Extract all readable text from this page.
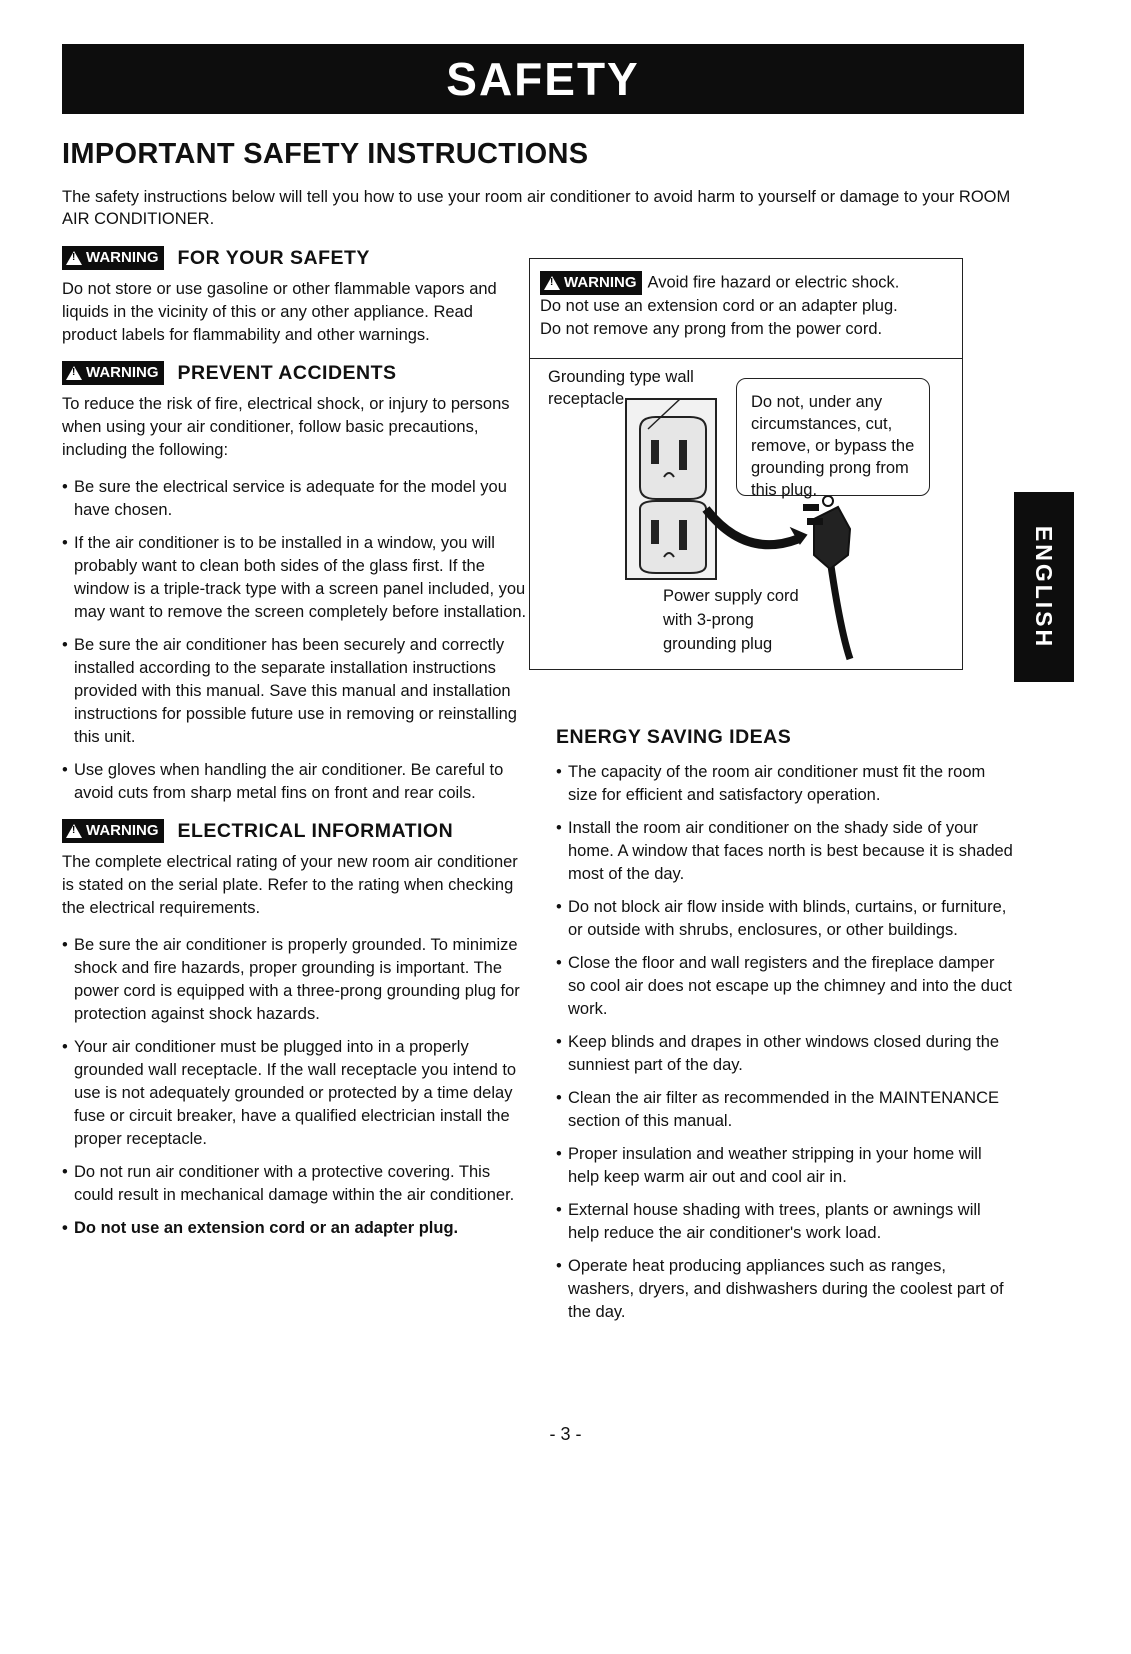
SAFETY
IMPORTANT SAFETY INSTRUCTIONS
The safety instructions below will tell you how to use your room air conditioner to avoid harm to yourself or damage to your ROOM AIR CONDITIONER.
!
WARNING FOR YOUR SAFETY

Do not store or use gasoline or other flammable vapors and liquids in the vicinity of this or any other appliance. Read product labels for flammability and other warnings.

!
WARNING PREVENT ACCIDENTS

To reduce the risk of fire, electrical shock, or injury to persons when using your air conditioner, follow basic precautions, including the following:

• Be sure the electrical service is adequate for the model you have chosen.
• If the air conditioner is to be installed in a window, you will probably want to clean both sides of the glass first. If the window is a triple-track type with a screen panel included, you may want to remove the screen completely before installation.
• Be sure the air conditioner has been securely and correctly installed according to the separate installation instructions provided with this manual. Save this manual and installation instructions for possible future use in removing or reinstalling this unit.
• Use gloves when handling the air conditioner. Be careful to avoid cuts from sharp metal fins on front and rear coils.
!
WARNING ELECTRICAL INFORMATION

The complete electrical rating of your new room air conditioner is stated on the serial plate. Refer to the rating when checking the electrical requirements.

• Be sure the air conditioner is properly grounded. To minimize shock and fire hazards, proper grounding is important. The power cord is equipped with a three-prong grounding plug for protection against shock hazards.
• Your air conditioner must be plugged into in a properly grounded wall receptacle. If the wall receptacle you intend to use is not adequately grounded or protected by a time delay fuse or circuit breaker, have a qualified electrician install the proper receptacle.
• Do not run air conditioner with a protective covering. This could result in mechanical damage within the air conditioner.
• Do not use an extension cord or an adapter plug.
!
WARNING Avoid fire hazard or electric shock.
Do not use an extension cord or an adapter plug.
Do not remove any prong from the power cord.
Grounding type wall receptacle	Do not, under any circumstances, cut, remove, or bypass the grounding prong from this plug.
Power supply cord
with 3-prong
grounding plug
ENERGY SAVING IDEAS
• The capacity of the room air conditioner must fit the room size for efficient and satisfactory operation.
• Install the room air conditioner on the shady side of your home. A window that faces north is best because it is shaded most of the day.
• Do not block air flow inside with blinds, curtains, or furniture, or outside with shrubs, enclosures, or other buildings.
• Close the floor and wall registers and the fireplace damper so cool air does not escape up the chimney and into the duct work.
• Keep blinds and drapes in other windows closed during the sunniest part of the day.
• Clean the air filter as recommended in the MAINTENANCE section of this manual.
• Proper insulation and weather stripping in your home will help keep warm air out and cool air in.
• External house shading with trees, plants or awnings will help reduce the air conditioner's work load.
• Operate heat producing appliances such as ranges, washers, dryers, and dishwashers during the coolest part of the day.
ENGLISH
- 3 -
